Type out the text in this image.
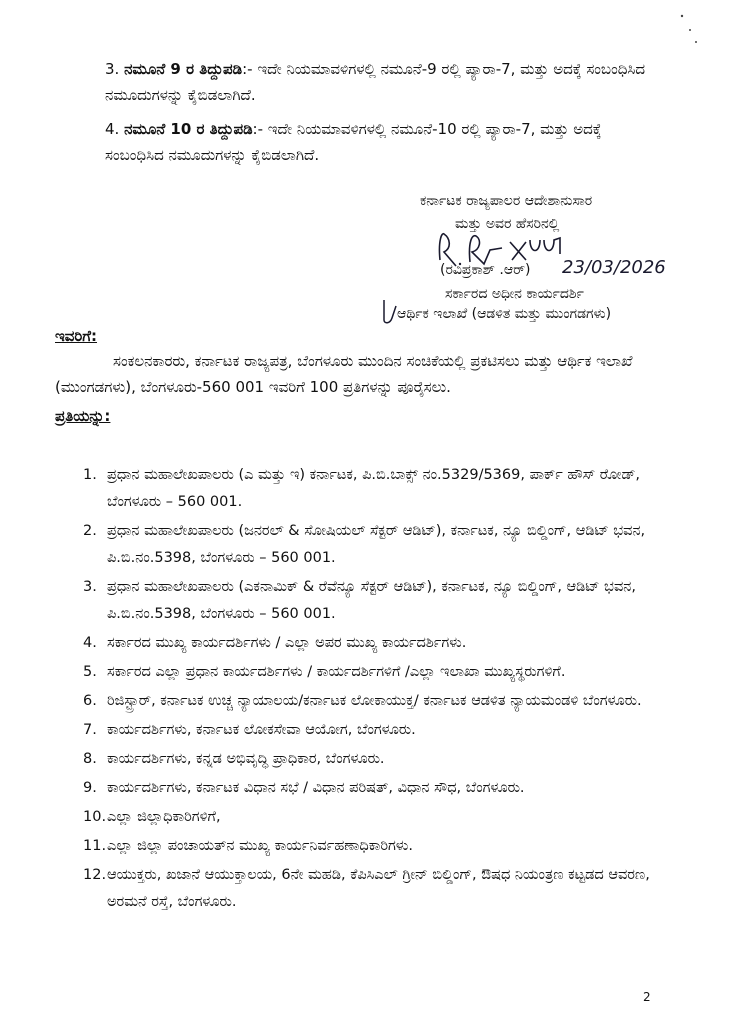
3. ನಮೂನೆ 9 ರ ತಿದ್ದುಪಡಿ:- ಇದೇ ನಿಯಮಾವಳಿಗಳಲ್ಲಿ ನಮೂನೆ-9 ರಲ್ಲಿ ಪ್ಯಾರಾ-7, ಮತ್ತು ಅದಕ್ಕೆ ಸಂಬಂಧಿಸಿದ ನಮೂದುಗಳನ್ನು ಕೈಬಿಡಲಾಗಿದೆ.
4. ನಮೂನೆ 10 ರ ತಿದ್ದುಪಡಿ:- ಇದೇ ನಿಯಮಾವಳಿಗಳಲ್ಲಿ ನಮೂನೆ-10 ರಲ್ಲಿ ಪ್ಯಾರಾ-7, ಮತ್ತು ಅದಕ್ಕೆ ಸಂಬಂಧಿಸಿದ ನಮೂದುಗಳನ್ನು ಕೈಬಿಡಲಾಗಿದೆ.
ಕರ್ನಾಟಕ ರಾಜ್ಯಪಾಲರ ಆದೇಶಾನುಸಾರ
ಮತ್ತು ಅವರ ಹೆಸರಿನಲ್ಲಿ
(ರವಿಪ್ರಕಾಶ್ .ಆರ್) 23/03/2026
ಸರ್ಕಾರದ ಅಧೀನ ಕಾರ್ಯದರ್ಶಿ
ಆರ್ಥಿಕ ಇಲಾಖೆ (ಆಡಳಿತ ಮತ್ತು ಮುಂಗಡಗಳು)
ಇವರಿಗೆ:
ಸಂಕಲನಕಾರರು, ಕರ್ನಾಟಕ ರಾಜ್ಯಪತ್ರ, ಬೆಂಗಳೂರು ಮುಂದಿನ ಸಂಚಿಕೆಯಲ್ಲಿ ಪ್ರಕಟಿಸಲು ಮತ್ತು ಆರ್ಥಿಕ ಇಲಾಖೆ (ಮುಂಗಡಗಳು), ಬೆಂಗಳೂರು-560 001 ಇವರಿಗೆ 100 ಪ್ರತಿಗಳನ್ನು ಪೂರೈಸಲು.
ಪ್ರತಿಯನ್ನು:
1. ಪ್ರಧಾನ ಮಹಾಲೇಖಪಾಲರು (ಎ ಮತ್ತು ಇ) ಕರ್ನಾಟಕ, ಪಿ.ಬಿ.ಬಾಕ್ಸ್ ನಂ.5329/5369, ಪಾರ್ಕ್ ಹೌಸ್ ರೋಡ್, ಬೆಂಗಳೂರು – 560 001.
2. ಪ್ರಧಾನ ಮಹಾಲೇಖಪಾಲರು (ಜನರಲ್ & ಸೋಷಿಯಲ್ ಸೆಕ್ಟರ್ ಆಡಿಟ್), ಕರ್ನಾಟಕ, ನ್ಯೂ ಬಿಲ್ಡಿಂಗ್, ಆಡಿಟ್ ಭವನ, ಪಿ.ಬಿ.ನಂ.5398, ಬೆಂಗಳೂರು – 560 001.
3. ಪ್ರಧಾನ ಮಹಾಲೇಖಪಾಲರು (ಎಕನಾಮಿಕ್ & ರೆವೆನ್ಯೂ ಸೆಕ್ಟರ್ ಆಡಿಟ್), ಕರ್ನಾಟಕ, ನ್ಯೂ ಬಿಲ್ಡಿಂಗ್, ಆಡಿಟ್ ಭವನ, ಪಿ.ಬಿ.ನಂ.5398, ಬೆಂಗಳೂರು – 560 001.
4. ಸರ್ಕಾರದ ಮುಖ್ಯ ಕಾರ್ಯದರ್ಶಿಗಳು / ಎಲ್ಲಾ ಅಪರ ಮುಖ್ಯ ಕಾರ್ಯದರ್ಶಿಗಳು.
5. ಸರ್ಕಾರದ ಎಲ್ಲಾ ಪ್ರಧಾನ ಕಾರ್ಯದರ್ಶಿಗಳು / ಕಾರ್ಯದರ್ಶಿಗಳಿಗೆ /ಎಲ್ಲಾ ಇಲಾಖಾ ಮುಖ್ಯಸ್ಥರುಗಳಿಗೆ.
6. ರಿಜಿಸ್ಟ್ರಾರ್, ಕರ್ನಾಟಕ ಉಚ್ಚ ನ್ಯಾಯಾಲಯ/ಕರ್ನಾಟಕ ಲೋಕಾಯುಕ್ತ/ ಕರ್ನಾಟಕ ಆಡಳಿತ ನ್ಯಾಯಮಂಡಳಿ ಬೆಂಗಳೂರು.
7. ಕಾರ್ಯದರ್ಶಿಗಳು, ಕರ್ನಾಟಕ ಲೋಕಸೇವಾ ಆಯೋಗ, ಬೆಂಗಳೂರು.
8. ಕಾರ್ಯದರ್ಶಿಗಳು, ಕನ್ನಡ ಅಭಿವೃದ್ಧಿ ಪ್ರಾಧಿಕಾರ, ಬೆಂಗಳೂರು.
9. ಕಾರ್ಯದರ್ಶಿಗಳು, ಕರ್ನಾಟಕ ವಿಧಾನ ಸಭೆ / ವಿಧಾನ ಪರಿಷತ್, ವಿಧಾನ ಸೌಧ, ಬೆಂಗಳೂರು.
10. ಎಲ್ಲಾ ಜಿಲ್ಲಾಧಿಕಾರಿಗಳಿಗೆ,
11. ಎಲ್ಲಾ ಜಿಲ್ಲಾ ಪಂಚಾಯತ್‌ನ ಮುಖ್ಯ ಕಾರ್ಯನಿರ್ವಹಣಾಧಿಕಾರಿಗಳು.
12. ಆಯುಕ್ತರು, ಖಜಾನೆ ಆಯುಕ್ತಾಲಯ, 6ನೇ ಮಹಡಿ, ಕೆಪಿಸಿಎಲ್ ಗ್ರೀನ್ ಬಿಲ್ಡಿಂಗ್, ಔಷಧ ನಿಯಂತ್ರಣ ಕಟ್ಟಡದ ಆವರಣ, ಅರಮನೆ ರಸ್ತೆ, ಬೆಂಗಳೂರು.
2
